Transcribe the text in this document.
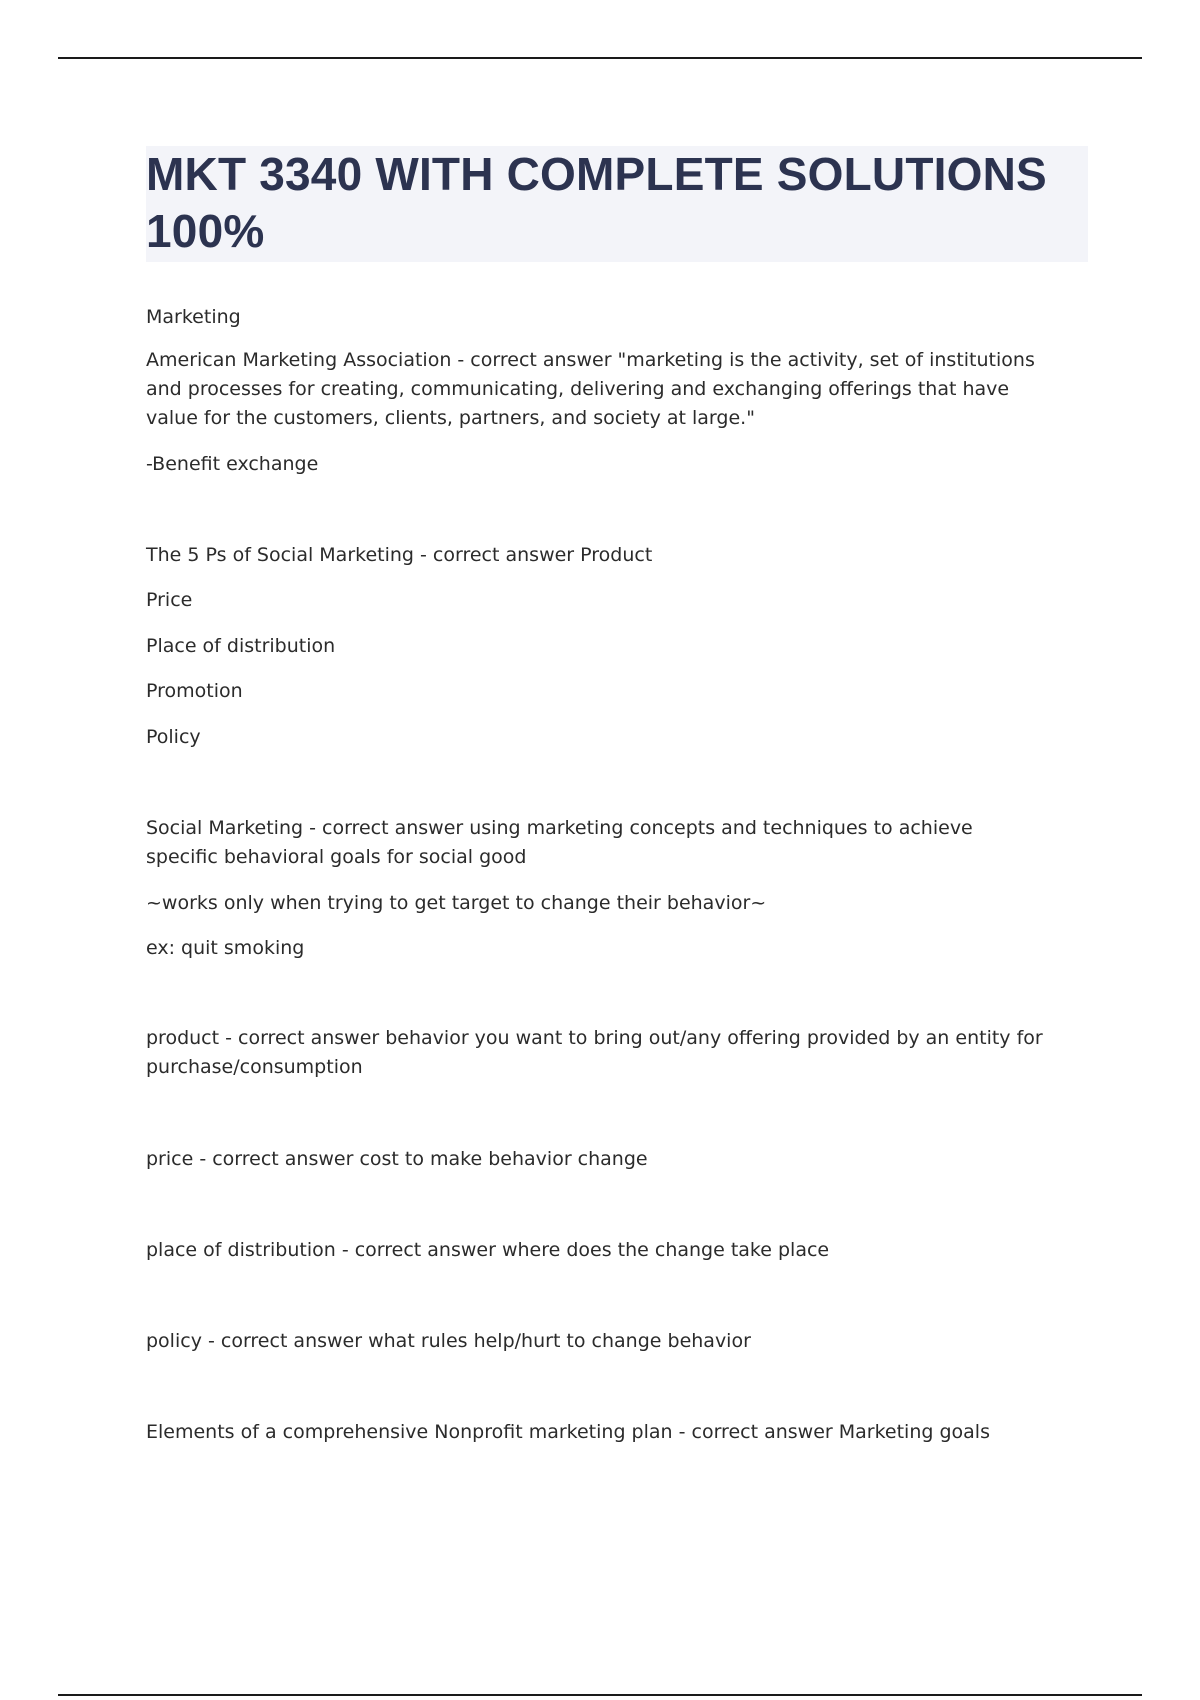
MKT 3340 WITH COMPLETE SOLUTIONS 100%

Marketing

American Marketing Association - correct answer "marketing is the activity, set of institutions and processes for creating, communicating, delivering and exchanging offerings that have value for the customers, clients, partners, and society at large."

-Benefit exchange

The 5 Ps of Social Marketing - correct answer Product

Price

Place of distribution

Promotion

Policy

Social Marketing - correct answer using marketing concepts and techniques to achieve specific behavioral goals for social good

~works only when trying to get target to change their behavior~

ex: quit smoking

product - correct answer behavior you want to bring out/any offering provided by an entity for purchase/consumption

price - correct answer cost to make behavior change

place of distribution - correct answer where does the change take place

policy - correct answer what rules help/hurt to change behavior

Elements of a comprehensive Nonprofit marketing plan - correct answer Marketing goals
